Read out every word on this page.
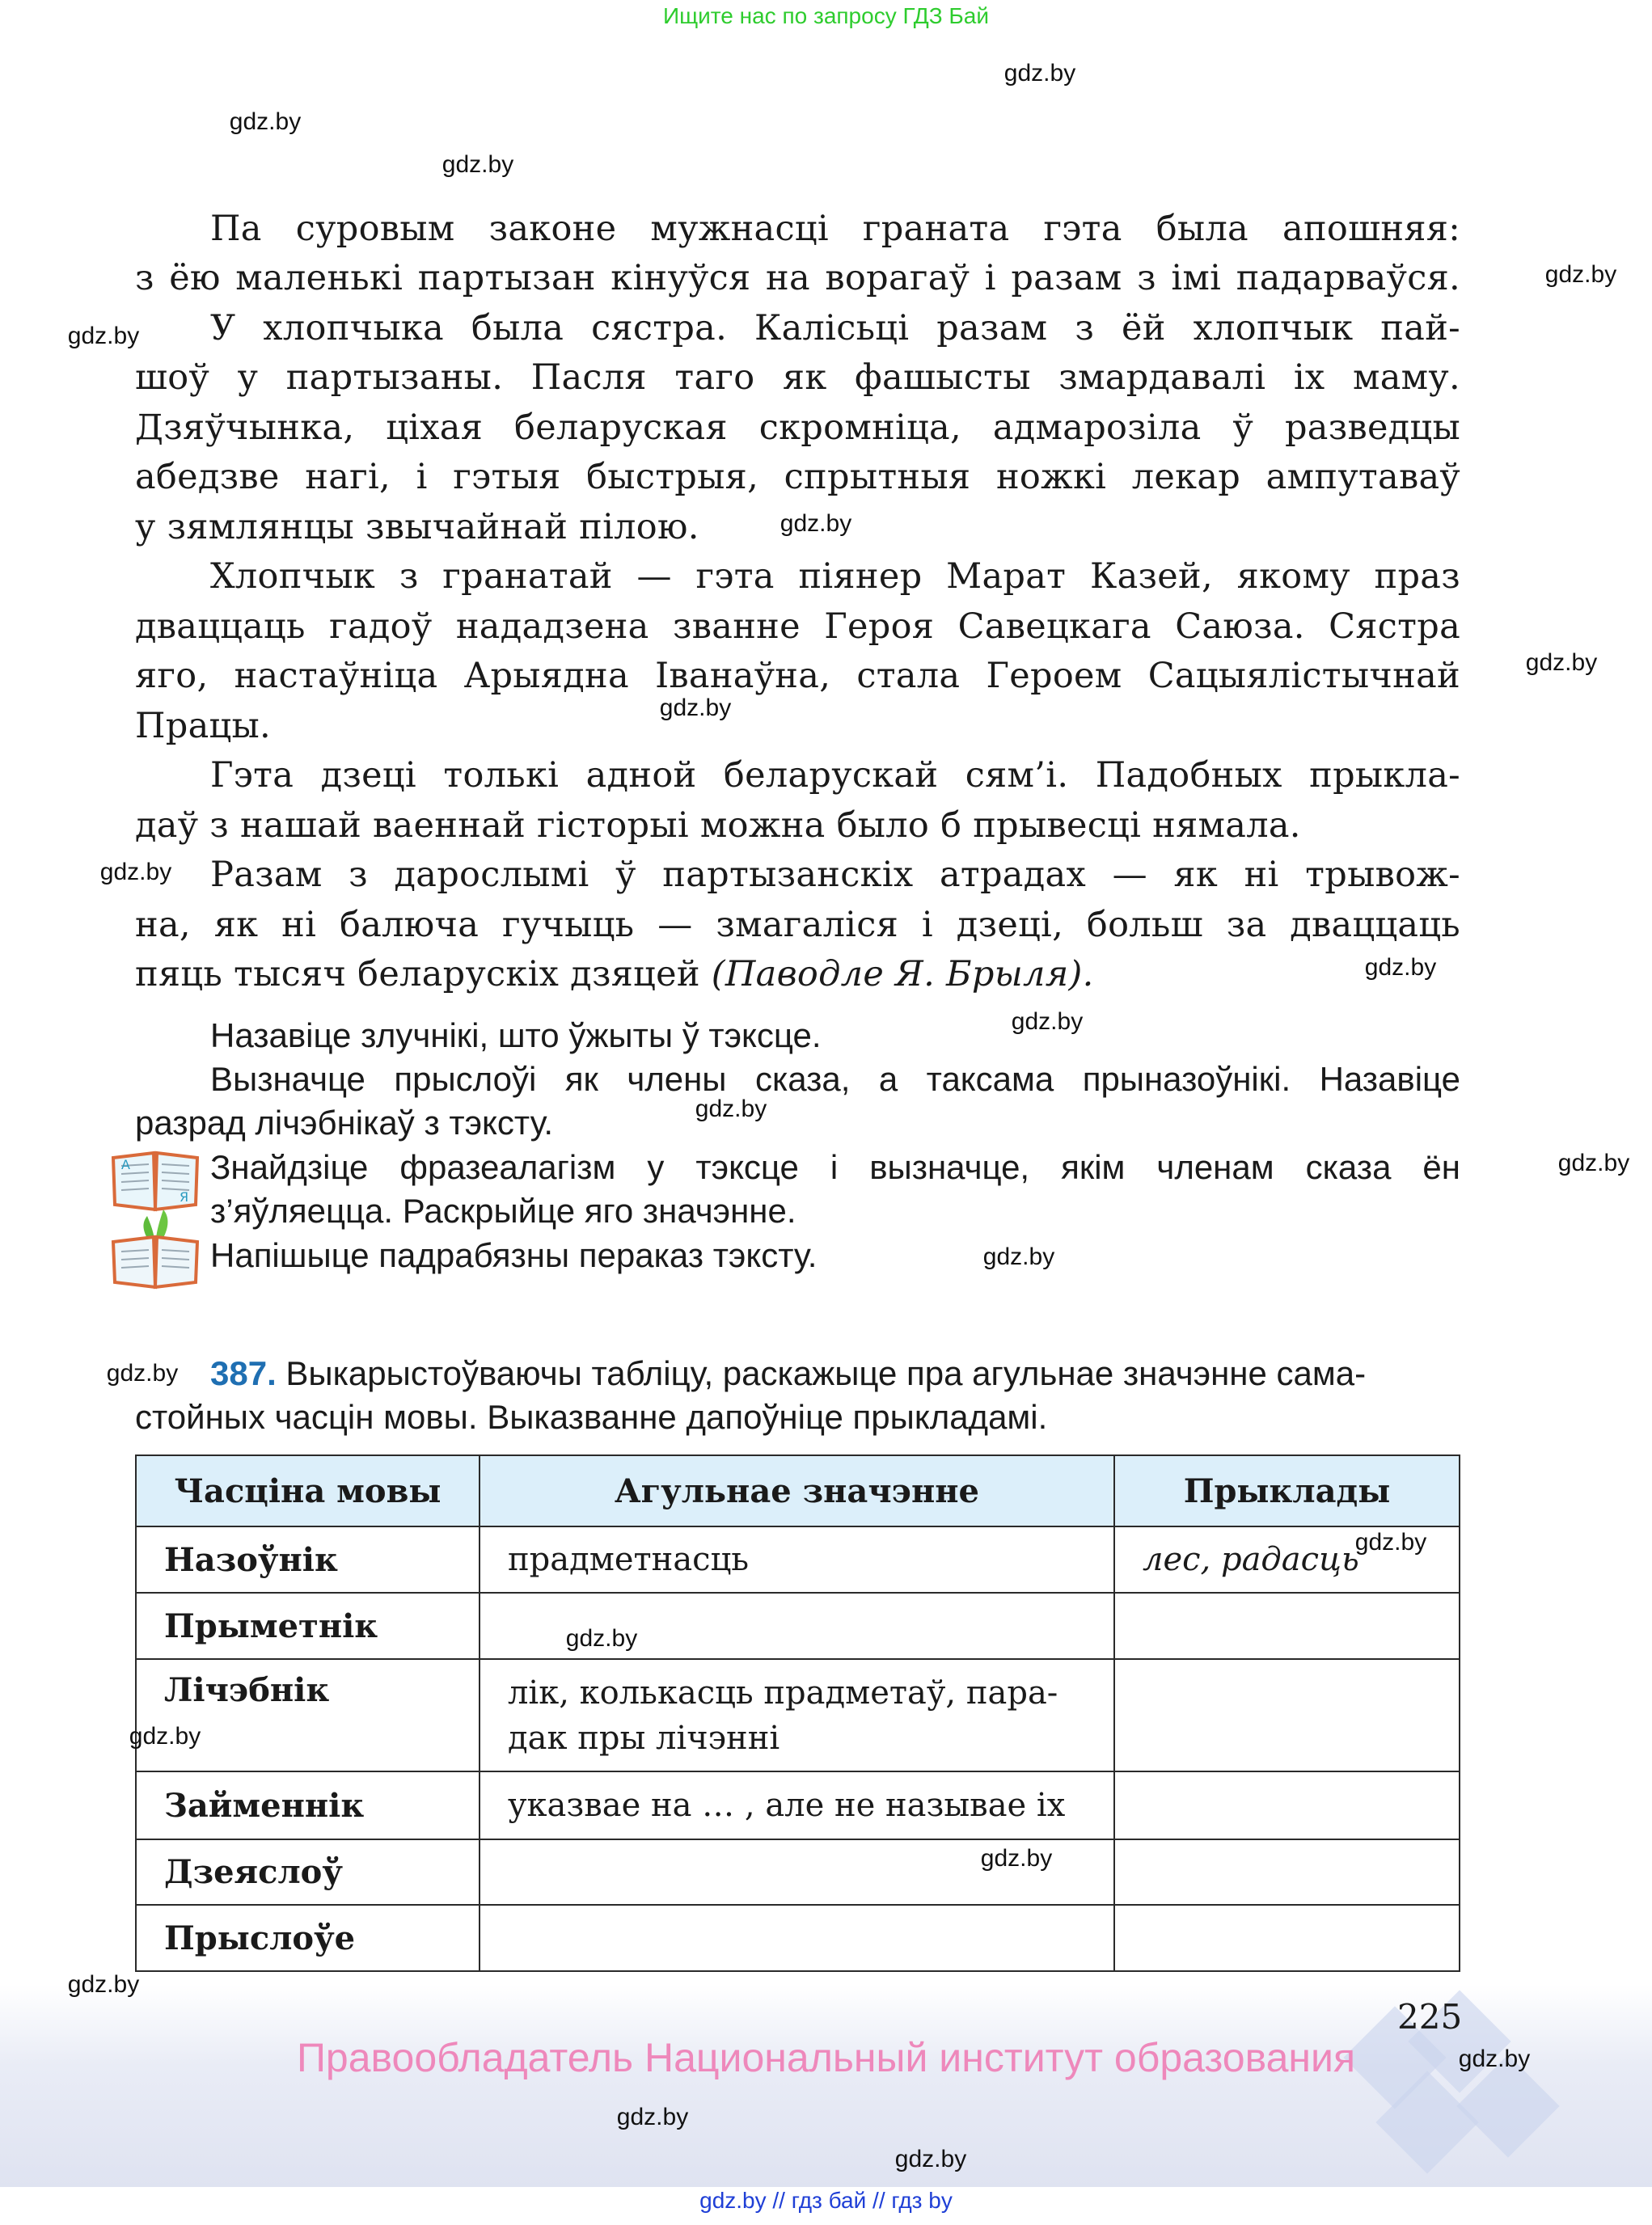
Ищите нас по запросу ГДЗ Бай
Па суровым законе мужнасці граната гэта была апошняя:
з ёю маленькі партызан кінуўся на ворагаў і разам з імі падарваўся.
У хлопчыка была сястра. Калісьці разам з ёй хлопчык пай-
шоў у партызаны. Пасля таго як фашысты змардавалі іх маму.
Дзяўчынка, ціхая беларуская скромніца, адмарозіла ў разведцы
абедзве нагі, і гэтыя быстрыя, спрытныя ножкі лекар ампутаваў
у зямлянцы звычайнай пілою.
Хлопчык з гранатай — гэта піянер Марат Казей, якому праз
дваццаць гадоў нададзена званне Героя Савецкага Саюза. Сястра
яго, настаўніца Арыядна Іванаўна, стала Героем Сацыялістычнай
Працы.
Гэта дзеці толькі адной беларускай сям’і. Падобных прыкла-
даў з нашай ваеннай гісторыі можна было б прывесці нямала.
Разам з дарослымі ў партызанскіх атрадах — як ні трывож-
на, як ні балюча гучыць — змагаліся і дзеці, больш за дваццаць
пяць тысяч беларускіх дзяцей (Паводле Я. Брыля).
Назавіце злучнікі, што ўжыты ў тэксце.
Вызначце прыслоўі як члены сказа, а таксама прыназоўнікі. Назавіце
разрад лічэбнікаў з тэксту.
Знайдзіце фразеалагізм у тэксце і вызначце, якім членам сказа ён
з’яўляецца. Раскрыйце яго значэнне.
Напішыце падрабязны пераказ тэксту.
А
Я
387. Выкарыстоўваючы табліцу, раскажыце пра агульнае значэнне сама-
стойных часцін мовы. Выказванне дапоўніце прыкладамі.
Часціна мовы	Агульнае значэнне	Прыклады
Назоўнік	прадметнасць	лес, радасць
Прыметнік		
Лічэбнік	лік, колькасць прадметаў, пара-
дак пры лічэнні	
Займеннік	указвае на … , але не называе іх	
Дзеяслоў		
Прыслоўе		
225
Правообладатель Национальный институт образования
gdz.by // гдз бай // гдз by
gdz.by
gdz.by
gdz.by
gdz.by
gdz.by
gdz.by
gdz.by
gdz.by
gdz.by
gdz.by
gdz.by
gdz.by
gdz.by
gdz.by
gdz.by
gdz.by
gdz.by
gdz.by
gdz.by
gdz.by
gdz.by
gdz.by
gdz.by
